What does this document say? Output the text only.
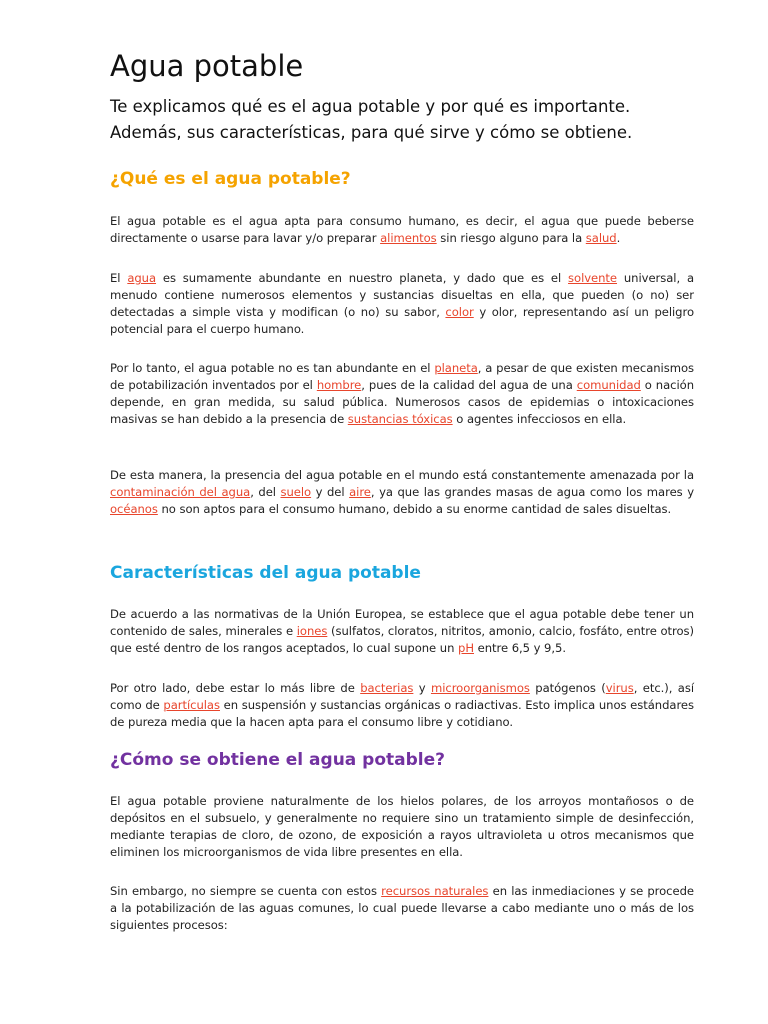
Agua potable

Te explicamos qué es el agua potable y por qué es importante. Además, sus características, para qué sirve y cómo se obtiene.

¿Qué es el agua potable?

El agua potable es el agua apta para consumo humano, es decir, el agua que puede beberse directamente o usarse para lavar y/o preparar alimentos sin riesgo alguno para la salud.

El agua es sumamente abundante en nuestro planeta, y dado que es el solvente universal, a menudo contiene numerosos elementos y sustancias disueltas en ella, que pueden (o no) ser detectadas a simple vista y modifican (o no) su sabor, color y olor, representando así un peligro potencial para el cuerpo humano.

Por lo tanto, el agua potable no es tan abundante en el planeta, a pesar de que existen mecanismos de potabilización inventados por el hombre, pues de la calidad del agua de una comunidad o nación depende, en gran medida, su salud pública. Numerosos casos de epidemias o intoxicaciones masivas se han debido a la presencia de sustancias tóxicas o agentes infecciosos en ella.

De esta manera, la presencia del agua potable en el mundo está constantemente amenazada por la contaminación del agua, del suelo y del aire, ya que las grandes masas de agua como los mares y océanos no son aptos para el consumo humano, debido a su enorme cantidad de sales disueltas.

Características del agua potable

De acuerdo a las normativas de la Unión Europea, se establece que el agua potable debe tener un contenido de sales, minerales e iones (sulfatos, cloratos, nitritos, amonio, calcio, fosfáto, entre otros) que esté dentro de los rangos aceptados, lo cual supone un pH entre 6,5 y 9,5.

Por otro lado, debe estar lo más libre de bacterias y microorganismos patógenos (virus, etc.), así como de partículas en suspensión y sustancias orgánicas o radiactivas. Esto implica unos estándares de pureza media que la hacen apta para el consumo libre y cotidiano.

¿Cómo se obtiene el agua potable?

El agua potable proviene naturalmente de los hielos polares, de los arroyos montañosos o de depósitos en el subsuelo, y generalmente no requiere sino un tratamiento simple de desinfección, mediante terapias de cloro, de ozono, de exposición a rayos ultravioleta u otros mecanismos que eliminen los microorganismos de vida libre presentes en ella.

Sin embargo, no siempre se cuenta con estos recursos naturales en las inmediaciones y se procede a la potabilización de las aguas comunes, lo cual puede llevarse a cabo mediante uno o más de los siguientes procesos:
